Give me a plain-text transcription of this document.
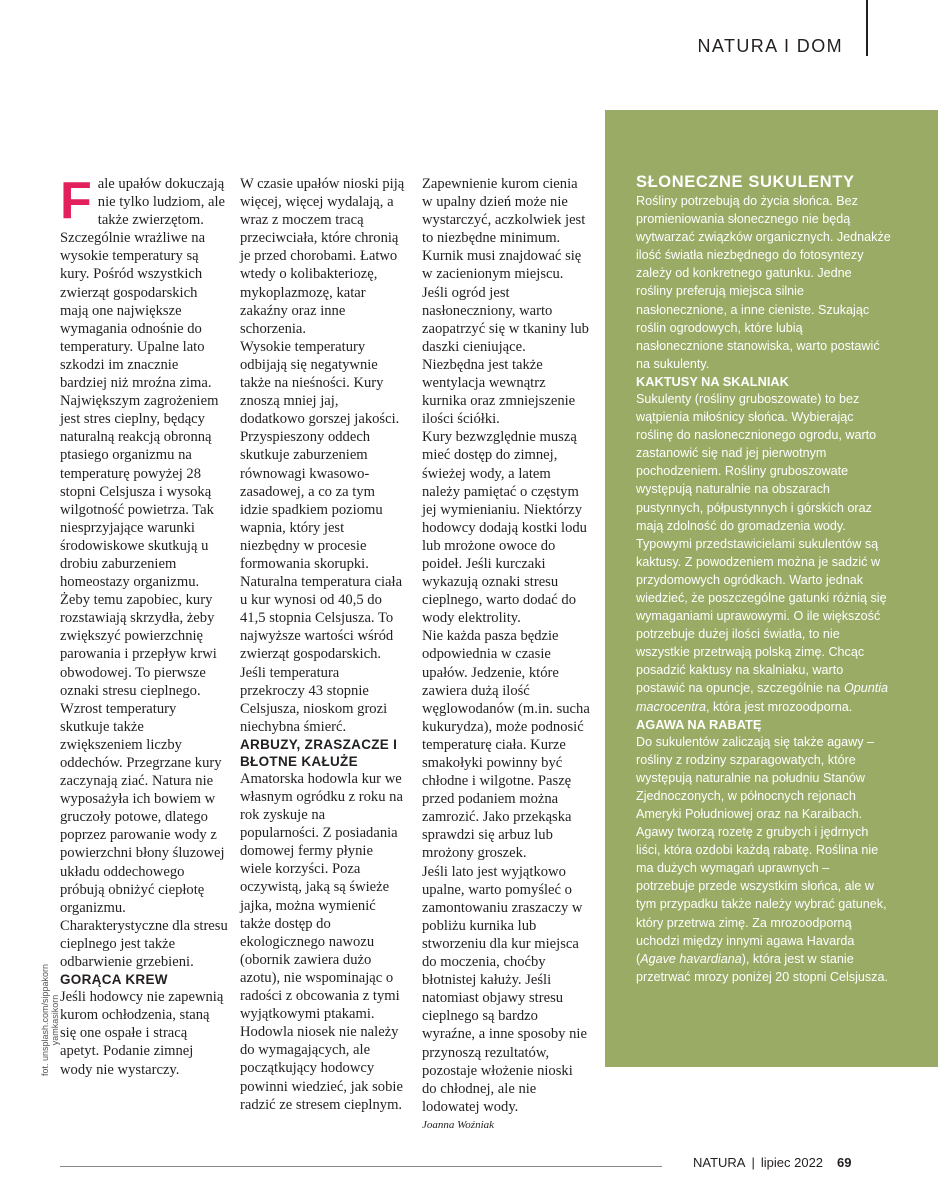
NATURA I DOM

Fale upałów dokuczają nie tylko ludziom, ale także zwierzętom. Szczególnie wrażliwe na wysokie temperatury są kury. Pośród wszystkich zwierząt gospodarskich mają one największe wymagania odnośnie do temperatury. Upalne lato szkodzi im znacznie bardziej niż mroźna zima. Największym zagrożeniem jest stres cieplny, będący naturalną reakcją obronną ptasiego organizmu na temperaturę powyżej 28 stopni Celsjusza i wysoką wilgotność powietrza. Tak niesprzyjające warunki środowiskowe skutkują u drobiu zaburzeniem homeostazy organizmu.

Żeby temu zapobiec, kury rozstawiają skrzydła, żeby zwiększyć powierzchnię parowania i przepływ krwi obwodowej. To pierwsze oznaki stresu cieplnego. Wzrost temperatury skutkuje także zwiększeniem liczby oddechów. Przegrzane kury zaczynają ziać. Natura nie wyposażyła ich bowiem w gruczoły potowe, dlatego poprzez parowanie wody z powierzchni błony śluzowej układu oddechowego próbują obniżyć ciepłotę organizmu. Charakterystyczne dla stresu cieplnego jest także odbarwienie grzebieni.

GORĄCA KREW

Jeśli hodowcy nie zapewnią kurom ochłodzenia, staną się one ospałe i stracą apetyt. Podanie zimnej wody nie wystarczy.

W czasie upałów nioski piją więcej, więcej wydalają, a wraz z moczem tracą przeciwciała, które chronią je przed chorobami. Łatwo wtedy o kolibakteriozę, mykoplazmozę, katar zakaźny oraz inne schorzenia.

Wysokie temperatury odbijają się negatywnie także na nieśności. Kury znoszą mniej jaj, dodatkowo gorszej jakości. Przyspieszony oddech skutkuje zaburzeniem równowagi kwasowo-zasadowej, a co za tym idzie spadkiem poziomu wapnia, który jest niezbędny w procesie formowania skorupki.

Naturalna temperatura ciała u kur wynosi od 40,5 do 41,5 stopnia Celsjusza. To najwyższe wartości wśród zwierząt gospodarskich. Jeśli temperatura przekroczy 43 stopnie Celsjusza, nioskom grozi niechybna śmierć.

ARBUZY, ZRASZACZE I BŁOTNE KAŁUŻE

Amatorska hodowla kur we własnym ogródku z roku na rok zyskuje na popularności. Z posiadania domowej fermy płynie wiele korzyści. Poza oczywistą, jaką są świeże jajka, można wymienić także dostęp do ekologicznego nawozu (obornik zawiera dużo azotu), nie wspominając o radości z obcowania z tymi wyjątkowymi ptakami. Hodowla niosek nie należy do wymagających, ale początkujący hodowcy powinni wiedzieć, jak sobie radzić ze stresem cieplnym.

Zapewnienie kurom cienia w upalny dzień może nie wystarczyć, aczkolwiek jest to niezbędne minimum. Kurnik musi znajdować się w zacienionym miejscu. Jeśli ogród jest nasłoneczniony, warto zaopatrzyć się w tkaniny lub daszki cieniujące. Niezbędna jest także wentylacja wewnątrz kurnika oraz zmniejszenie ilości ściółki.

Kury bezwzględnie muszą mieć dostęp do zimnej, świeżej wody, a latem należy pamiętać o częstym jej wymienianiu. Niektórzy hodowcy dodają kostki lodu lub mrożone owoce do poideł. Jeśli kurczaki wykazują oznaki stresu cieplnego, warto dodać do wody elektrolity.

Nie każda pasza będzie odpowiednia w czasie upałów. Jedzenie, które zawiera dużą ilość węglowodanów (m.in. sucha kukurydza), może podnosić temperaturę ciała. Kurze smakołyki powinny być chłodne i wilgotne. Paszę przed podaniem można zamrozić. Jako przekąska sprawdzi się arbuz lub mrożony groszek.

Jeśli lato jest wyjątkowo upalne, warto pomyśleć o zamontowaniu zraszaczy w pobliżu kurnika lub stworzeniu dla kur miejsca do moczenia, choćby błotnistej kałuży. Jeśli natomiast objawy stresu cieplnego są bardzo wyraźne, a inne sposoby nie przynoszą rezultatów, pozostaje włożenie nioski do chłodnej, ale nie lodowatej wody.

Joanna Woźniak

SŁONECZNE SUKULENTY

Rośliny potrzebują do życia słońca. Bez promieniowania słonecznego nie będą wytwarzać związków organicznych. Jednakże ilość światła niezbędnego do fotosyntezy zależy od konkretnego gatunku. Jedne rośliny preferują miejsca silnie nasłonecznione, a inne cieniste. Szukając roślin ogrodowych, które lubią nasłonecznione stanowiska, warto postawić na sukulenty.

KAKTUSY NA SKALNIAK

Sukulenty (rośliny gruboszowate) to bez wątpienia miłośnicy słońca. Wybierając roślinę do nasłonecznionego ogrodu, warto zastanowić się nad jej pierwotnym pochodzeniem. Rośliny gruboszowate występują naturalnie na obszarach pustynnych, półpustynnych i górskich oraz mają zdolność do gromadzenia wody. Typowymi przedstawicielami sukulentów są kaktusy. Z powodzeniem można je sadzić w przydomowych ogródkach. Warto jednak wiedzieć, że poszczególne gatunki różnią się wymaganiami uprawowymi. O ile większość potrzebuje dużej ilości światła, to nie wszystkie przetrwają polską zimę. Chcąc posadzić kaktusy na skalniaku, warto postawić na opuncje, szczególnie na Opuntia macrocentra, która jest mrozoodporna.

AGAWA NA RABATĘ

Do sukulentów zaliczają się także agawy – rośliny z rodziny szparagowatych, które występują naturalnie na południu Stanów Zjednoczonych, w północnych rejonach Ameryki Południowej oraz na Karaibach. Agawy tworzą rozetę z grubych i jędrnych liści, która ozdobi każdą rabatę. Roślina nie ma dużych wymagań uprawnych – potrzebuje przede wszystkim słońca, ale w tym przypadku także należy wybrać gatunek, który przetrwa zimę. Za mrozoodporną uchodzi między innymi agawa Havarda (Agave havardiana), która jest w stanie przetrwać mrozy poniżej 20 stopni Celsjusza.

fot. unsplash.com/sippakorn yamkasikorn
NATURA | lipiec 2022 69
